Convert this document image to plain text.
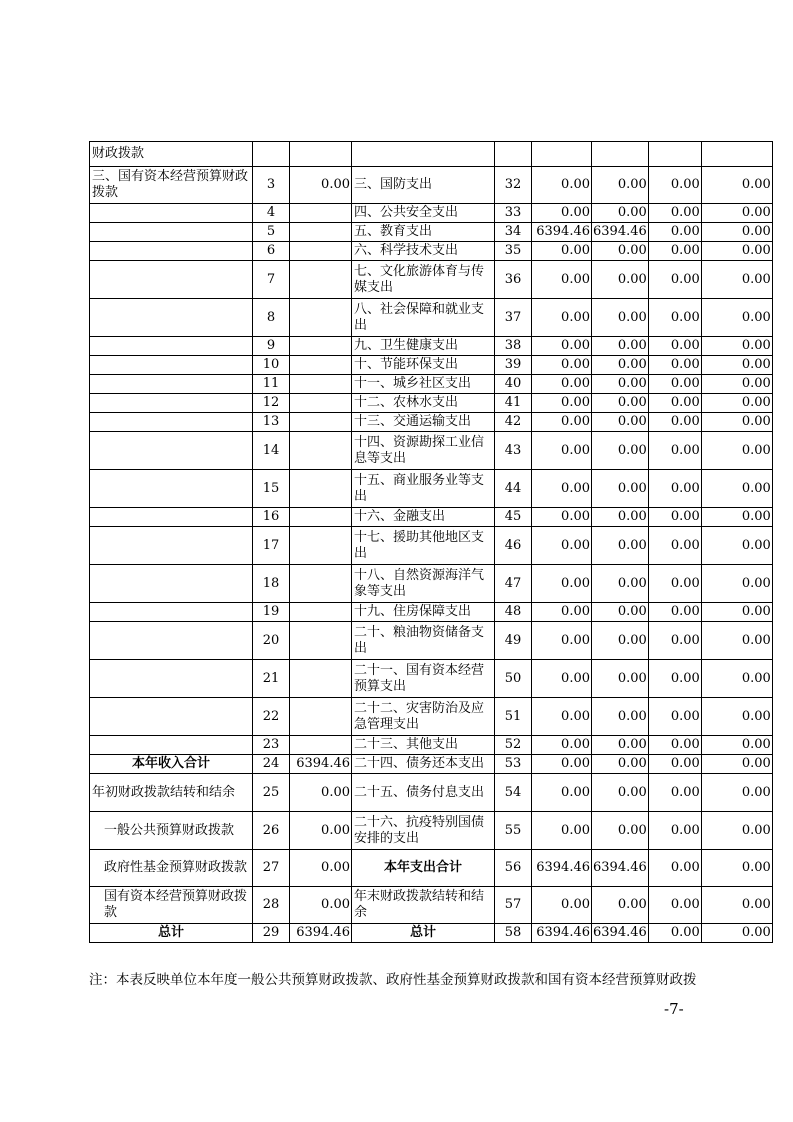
财政拨款								
三、国有资本经营预算财政拨款	3	0.00	三、国防支出	32	0.00	0.00	0.00	0.00
	4		四、公共安全支出	33	0.00	0.00	0.00	0.00
	5		五、教育支出	34	6394.46	6394.46	0.00	0.00
	6		六、科学技术支出	35	0.00	0.00	0.00	0.00
	7		七、文化旅游体育与传媒支出	36	0.00	0.00	0.00	0.00
	8		八、社会保障和就业支出	37	0.00	0.00	0.00	0.00
	9		九、卫生健康支出	38	0.00	0.00	0.00	0.00
	10		十、节能环保支出	39	0.00	0.00	0.00	0.00
	11		十一、城乡社区支出	40	0.00	0.00	0.00	0.00
	12		十二、农林水支出	41	0.00	0.00	0.00	0.00
	13		十三、交通运输支出	42	0.00	0.00	0.00	0.00
	14		十四、资源勘探工业信息等支出	43	0.00	0.00	0.00	0.00
	15		十五、商业服务业等支出	44	0.00	0.00	0.00	0.00
	16		十六、金融支出	45	0.00	0.00	0.00	0.00
	17		十七、援助其他地区支出	46	0.00	0.00	0.00	0.00
	18		十八、自然资源海洋气象等支出	47	0.00	0.00	0.00	0.00
	19		十九、住房保障支出	48	0.00	0.00	0.00	0.00
	20		二十、粮油物资储备支出	49	0.00	0.00	0.00	0.00
	21		二十一、国有资本经营预算支出	50	0.00	0.00	0.00	0.00
	22		二十二、灾害防治及应急管理支出	51	0.00	0.00	0.00	0.00
	23		二十三、其他支出	52	0.00	0.00	0.00	0.00
本年收入合计	24	6394.46	二十四、债务还本支出	53	0.00	0.00	0.00	0.00
年初财政拨款结转和结余	25	0.00	二十五、债务付息支出	54	0.00	0.00	0.00	0.00
一般公共预算财政拨款	26	0.00	二十六、抗疫特别国债安排的支出	55	0.00	0.00	0.00	0.00
政府性基金预算财政拨款	27	0.00	本年支出合计	56	6394.46	6394.46	0.00	0.00
国有资本经营预算财政拨款	28	0.00	年末财政拨款结转和结余	57	0.00	0.00	0.00	0.00
总计	29	6394.46	总计	58	6394.46	6394.46	0.00	0.00
注：本表反映单位本年度一般公共预算财政拨款、政府性基金预算财政拨款和国有资本经营预算财政拨
-7-
